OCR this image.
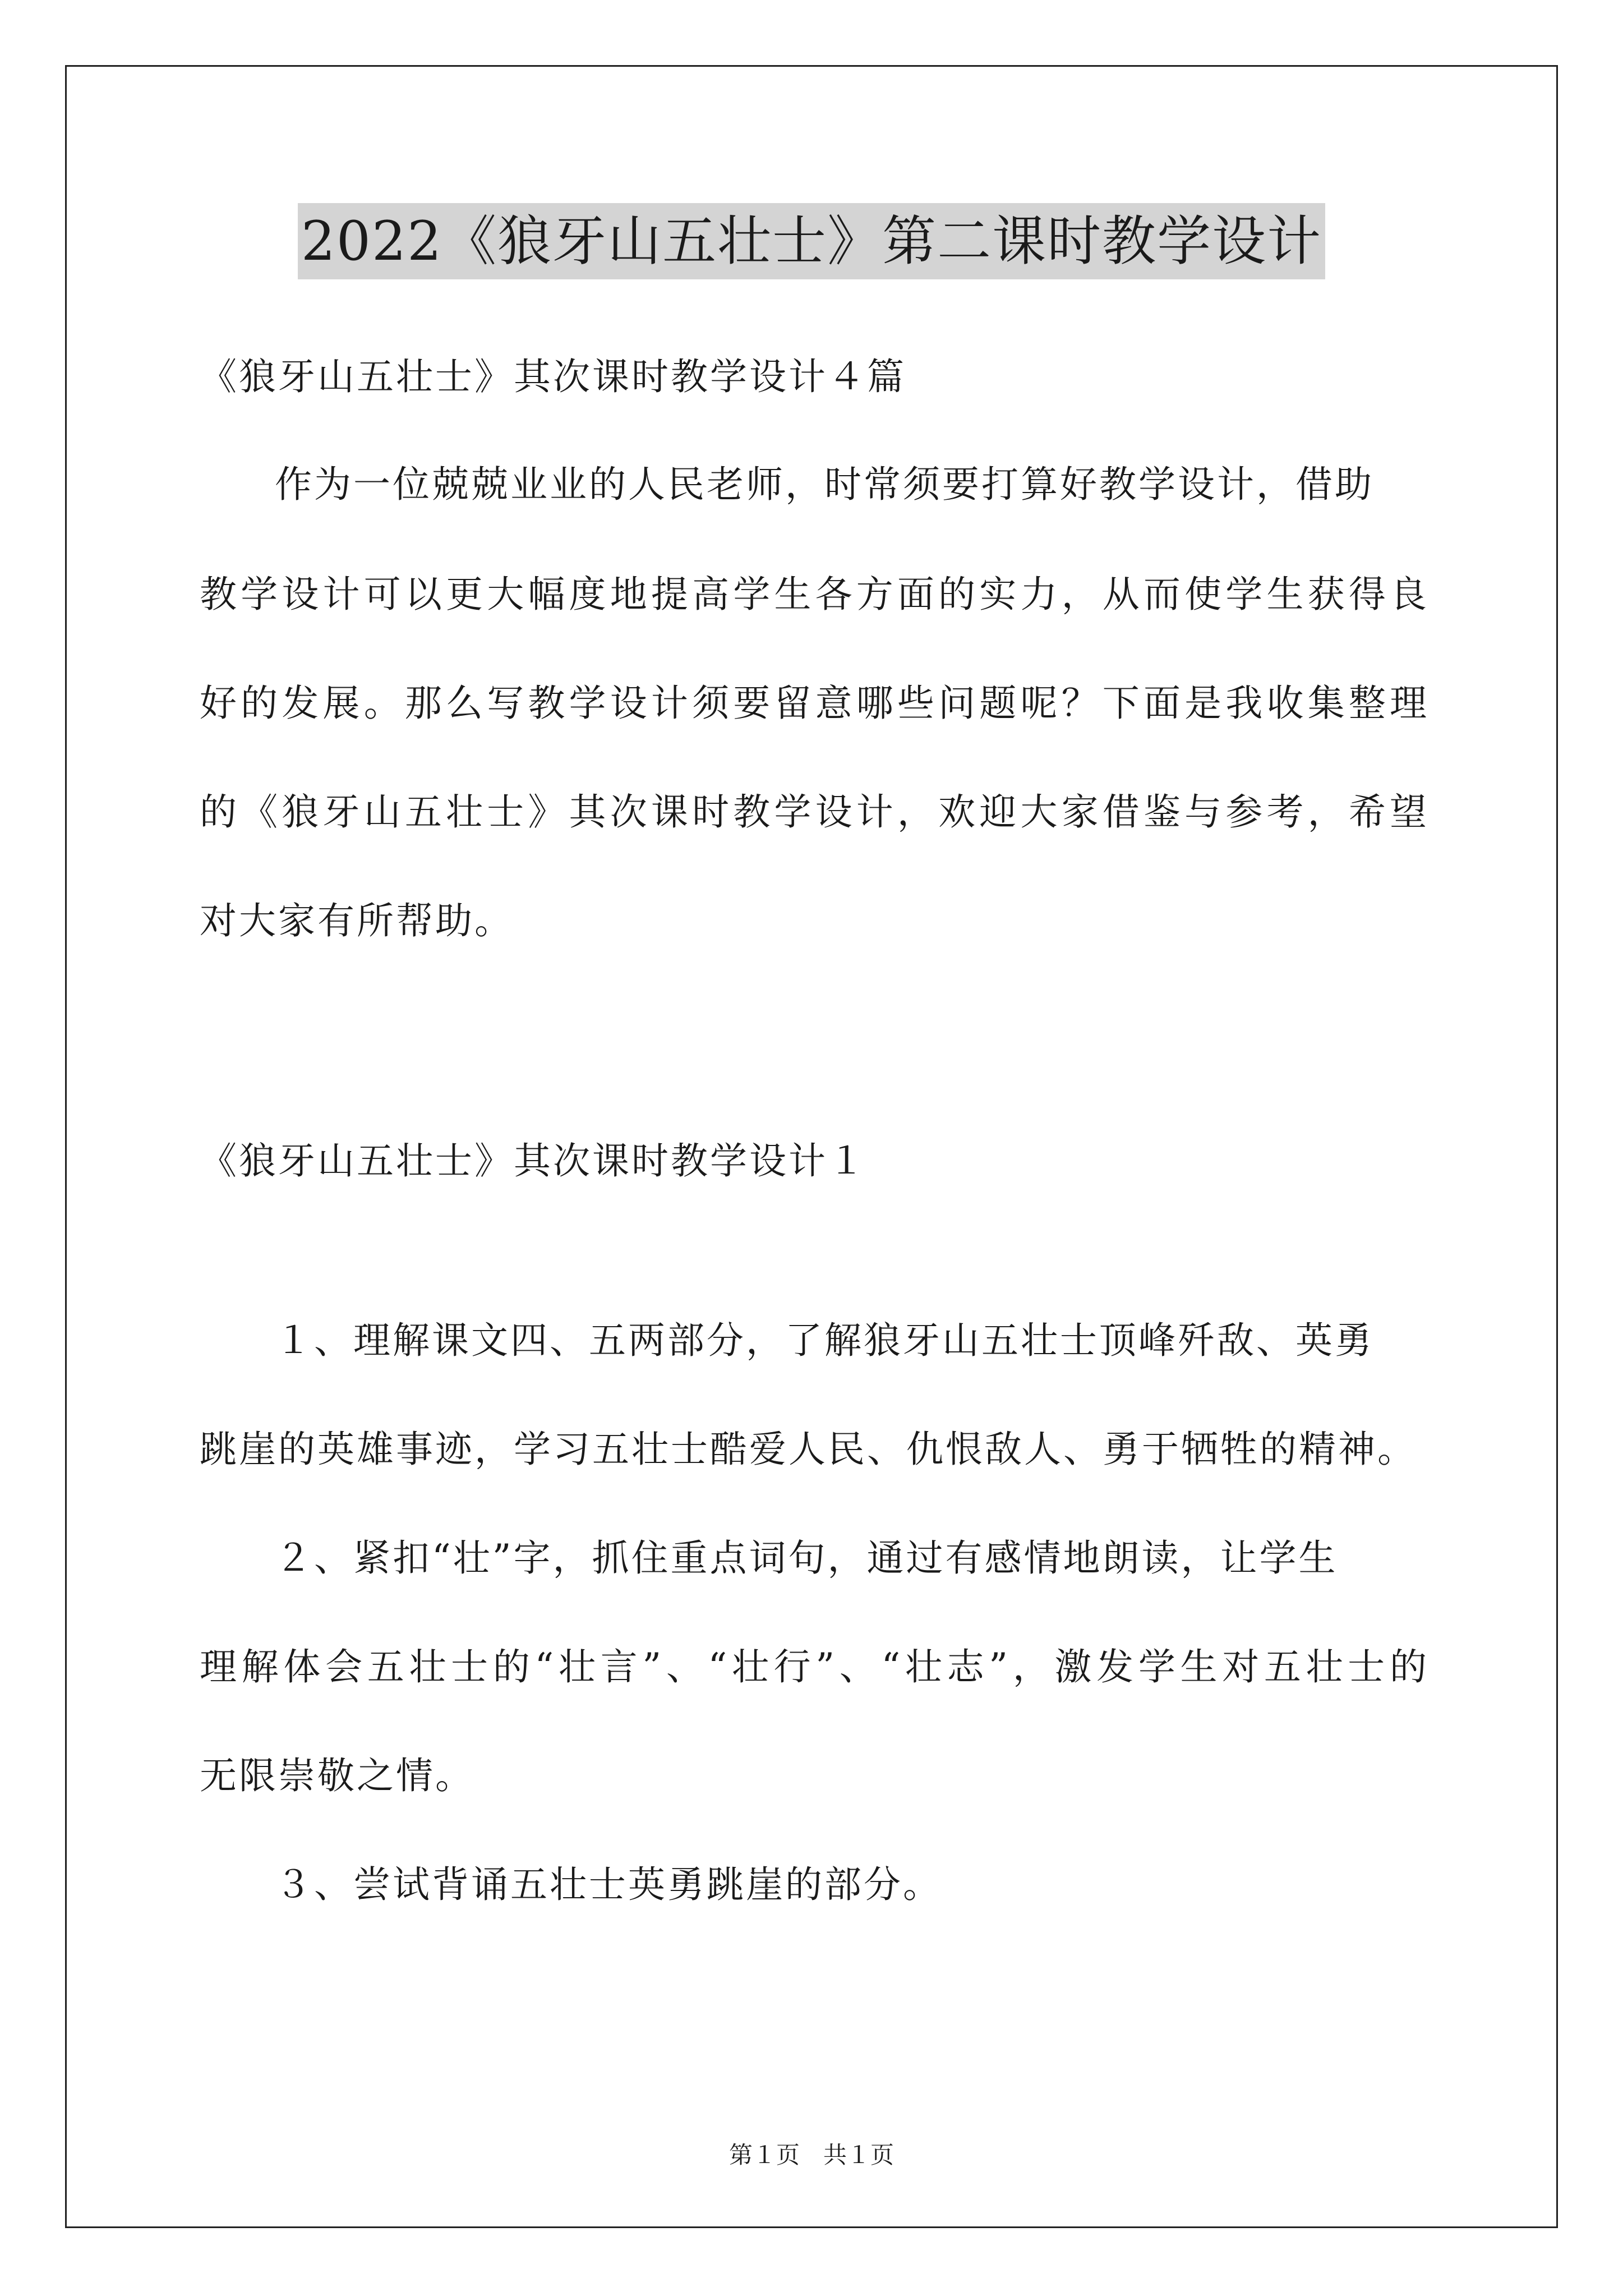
2022《狼牙山五壮士》第二课时教学设计
《狼牙山五壮士》其次课时教学设计４篇
作为一位兢兢业业的人民老师，时常须要打算好教学设计，借助
教学设计可以更大幅度地提高学生各方面的实力，从而使学生获得良
好的发展。那么写教学设计须要留意哪些问题呢？下面是我收集整理
的《狼牙山五壮士》其次课时教学设计，欢迎大家借鉴与参考，希望
对大家有所帮助。
《狼牙山五壮士》其次课时教学设计１
１、理解课文四、五两部分，了解狼牙山五壮士顶峰歼敌、英勇
跳崖的英雄事迹，学习五壮士酷爱人民、仇恨敌人、勇于牺牲的精神。
２、紧扣“壮”字，抓住重点词句，通过有感情地朗读，让学生
理解体会五壮士的“壮言”、“壮行”、“壮志”，激发学生对五壮士的
无限崇敬之情。
３、尝试背诵五壮士英勇跳崖的部分。
第１页　共１页
